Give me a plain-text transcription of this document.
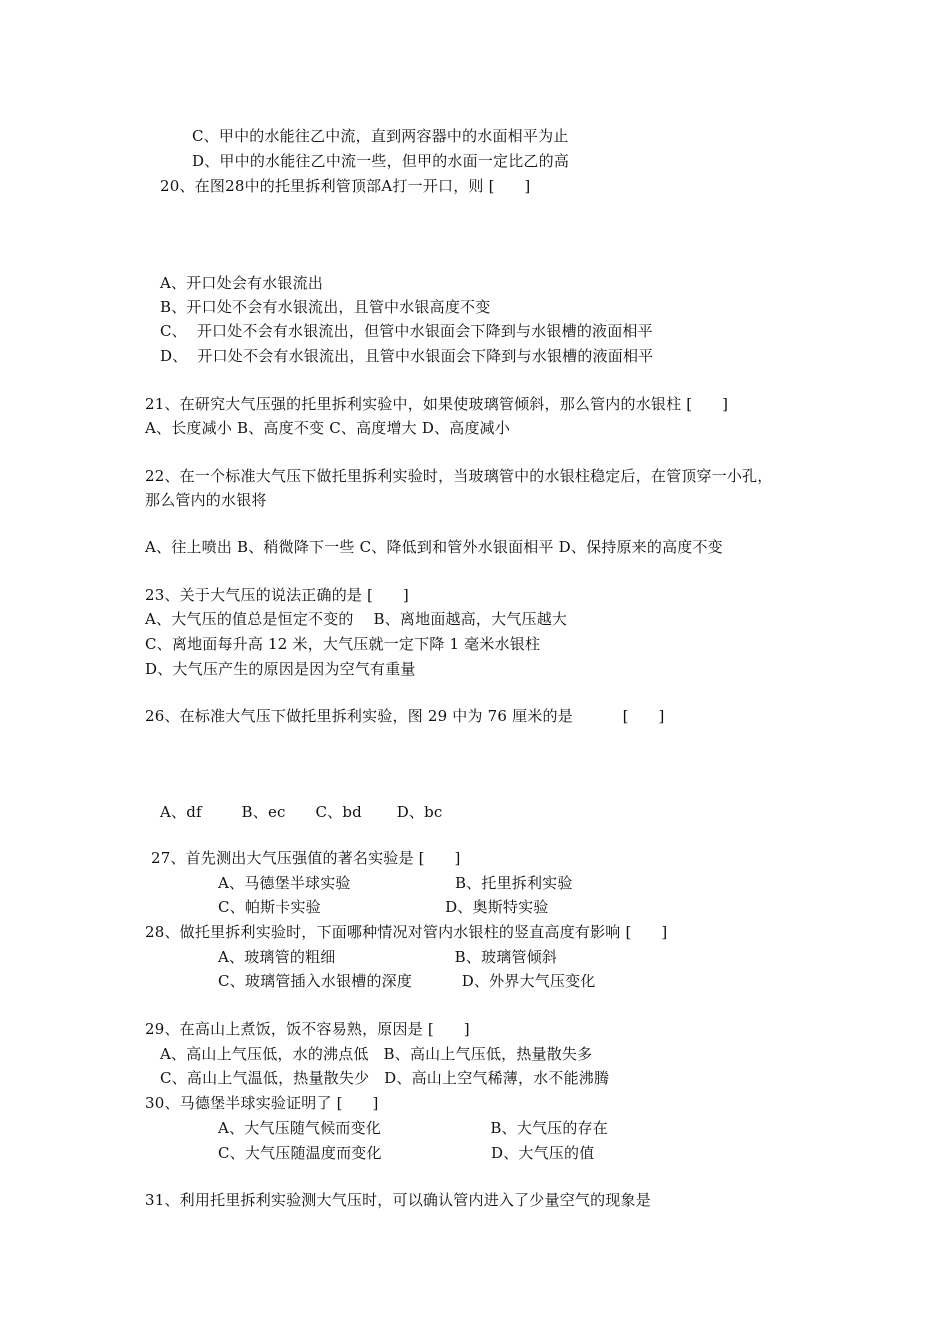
C、甲中的水能往乙中流，直到两容器中的水面相平为止
D、甲中的水能往乙中流一些，但甲的水面一定比乙的高
20、在图28中的托里拆利管顶部A打一开口，则 [      ]
A、开口处会有水银流出
B、开口处不会有水银流出，且管中水银高度不变
C、  开口处不会有水银流出，但管中水银面会下降到与水银槽的液面相平
D、  开口处不会有水银流出，且管中水银面会下降到与水银槽的液面相平
21、在研究大气压强的托里拆利实验中，如果使玻璃管倾斜，那么管内的水银柱 [      ]
A、长度减小 B、高度不变 C、高度增大 D、高度减小
22、在一个标准大气压下做托里拆利实验时，当玻璃管中的水银柱稳定后，在管顶穿一小孔，
那么管内的水银将
A、往上喷出 B、稍微降下一些 C、降低到和管外水银面相平 D、保持原来的高度不变
23、关于大气压的说法正确的是 [      ]
A、大气压的值总是恒定不变的    B、离地面越高，大气压越大
C、离地面每升高 12 米，大气压就一定下降 1 毫米水银柱
D、大气压产生的原因是因为空气有重量
26、在标准大气压下做托里拆利实验，图 29 中为 76 厘米的是          [      ]
A、df        B、ec      C、bd       D、bc
27、首先测出大气压强值的著名实验是 [      ]
A、马德堡半球实验                     B、托里拆利实验
C、帕斯卡实验                         D、奥斯特实验
28、做托里拆利实验时，下面哪种情况对管内水银柱的竖直高度有影响 [      ]
A、玻璃管的粗细                        B、玻璃管倾斜
C、玻璃管插入水银槽的深度          D、外界大气压变化
29、在高山上煮饭，饭不容易熟，原因是 [      ]
A、高山上气压低，水的沸点低   B、高山上气压低，热量散失多
C、高山上气温低，热量散失少   D、高山上空气稀薄，水不能沸腾
30、马德堡半球实验证明了 [      ]
A、大气压随气候而变化                      B、大气压的存在
C、大气压随温度而变化                      D、大气压的值
31、利用托里拆利实验测大气压时，可以确认管内进入了少量空气的现象是
